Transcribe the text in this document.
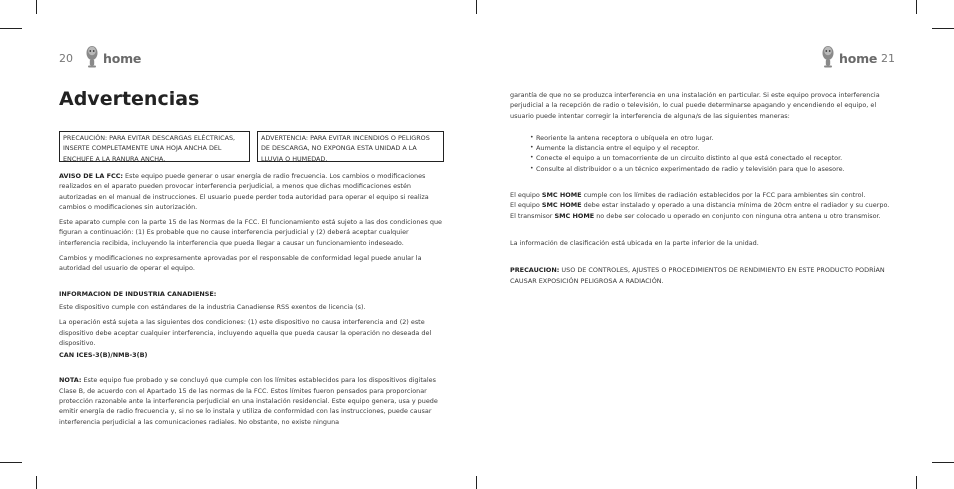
20 home
Advertencias
PRECAUCIÓN: PARA EVITAR DESCARGAS ELÉCTRICAS, INSERTE COMPLETAMENTE UNA HOJA ANCHA DEL ENCHUFE A LA RANURA ANCHA.
ADVERTENCIA: PARA EVITAR INCENDIOS O PELIGROS DE DESCARGA, NO EXPONGA ESTA UNIDAD A LA LLUVIA O HUMEDAD.

AVISO DE LA FCC: Este equipo puede generar o usar energía de radio frecuencia. Los cambios o modificaciones realizados en el aparato pueden provocar interferencia perjudicial, a menos que dichas modificaciones estén autorizadas en el manual de instrucciones. El usuario puede perder toda autoridad para operar el equipo si realiza cambios o modificaciones sin autorización.

Este aparato cumple con la parte 15 de las Normas de la FCC. El funcionamiento está sujeto a las dos condiciones que figuran a continuación: (1) Es probable que no cause interferencia perjudicial y (2) deberá aceptar cualquier interferencia recibida, incluyendo la interferencia que pueda llegar a causar un funcionamiento indeseado.

Cambios y modificaciones no expresamente aprovadas por el responsable de conformidad legal puede anular la autoridad del usuario de operar el equipo.

INFORMACION DE INDUSTRIA CANADIENSE:

Este dispositivo cumple con estándares de la industria Canadiense RSS exentos de licencia (s).

La operación está sujeta a las siguientes dos condiciones: (1) este dispositivo no causa interferencia and (2) este dispositivo debe aceptar cualquier interferencia, incluyendo aquella que pueda causar la operación no deseada del dispositivo.

CAN ICES-3(B)/NMB-3(B)

NOTA: Este equipo fue probado y se concluyó que cumple con los límites establecidos para los dispositivos digitales Clase B, de acuerdo con el Apartado 15 de las normas de la FCC. Estos límites fueron pensados para proporcionar protección razonable ante la interferencia perjudicial en una instalación residencial. Este equipo genera, usa y puede emitir energía de radio frecuencia y, si no se lo instala y utiliza de conformidad con las instrucciones, puede causar interferencia perjudicial a las comunicaciones radiales. No obstante, no existe ninguna

home 21

garantía de que no se produzca interferencia en una instalación en particular. Si este equipo provoca interferencia perjudicial a la recepción de radio o televisión, lo cual puede determinarse apagando y encendiendo el equipo, el usuario puede intentar corregir la interferencia de alguna/s de las siguientes maneras:

• Reoriente la antena receptora o ubíquela en otro lugar.
• Aumente la distancia entre el equipo y el receptor.
• Conecte el equipo a un tomacorriente de un circuito distinto al que está conectado el receptor.
• Consulte al distribuidor o a un técnico experimentado de radio y televisión para que lo asesore.

El equipo SMC HOME cumple con los límites de radiación establecidos por la FCC para ambientes sin control.
El equipo SMC HOME debe estar instalado y operado a una distancia mínima de 20cm entre el radiador y su cuerpo. El transmisor SMC HOME no debe ser colocado u operado en conjunto con ninguna otra antena u otro transmisor.

La información de clasificación está ubicada en la parte inferior de la unidad.

PRECAUCION: USO DE CONTROLES, AJUSTES O PROCEDIMIENTOS DE RENDIMIENTO EN ESTE PRODUCTO PODRÍAN CAUSAR EXPOSICIÓN PELIGROSA A RADIACIÓN.
